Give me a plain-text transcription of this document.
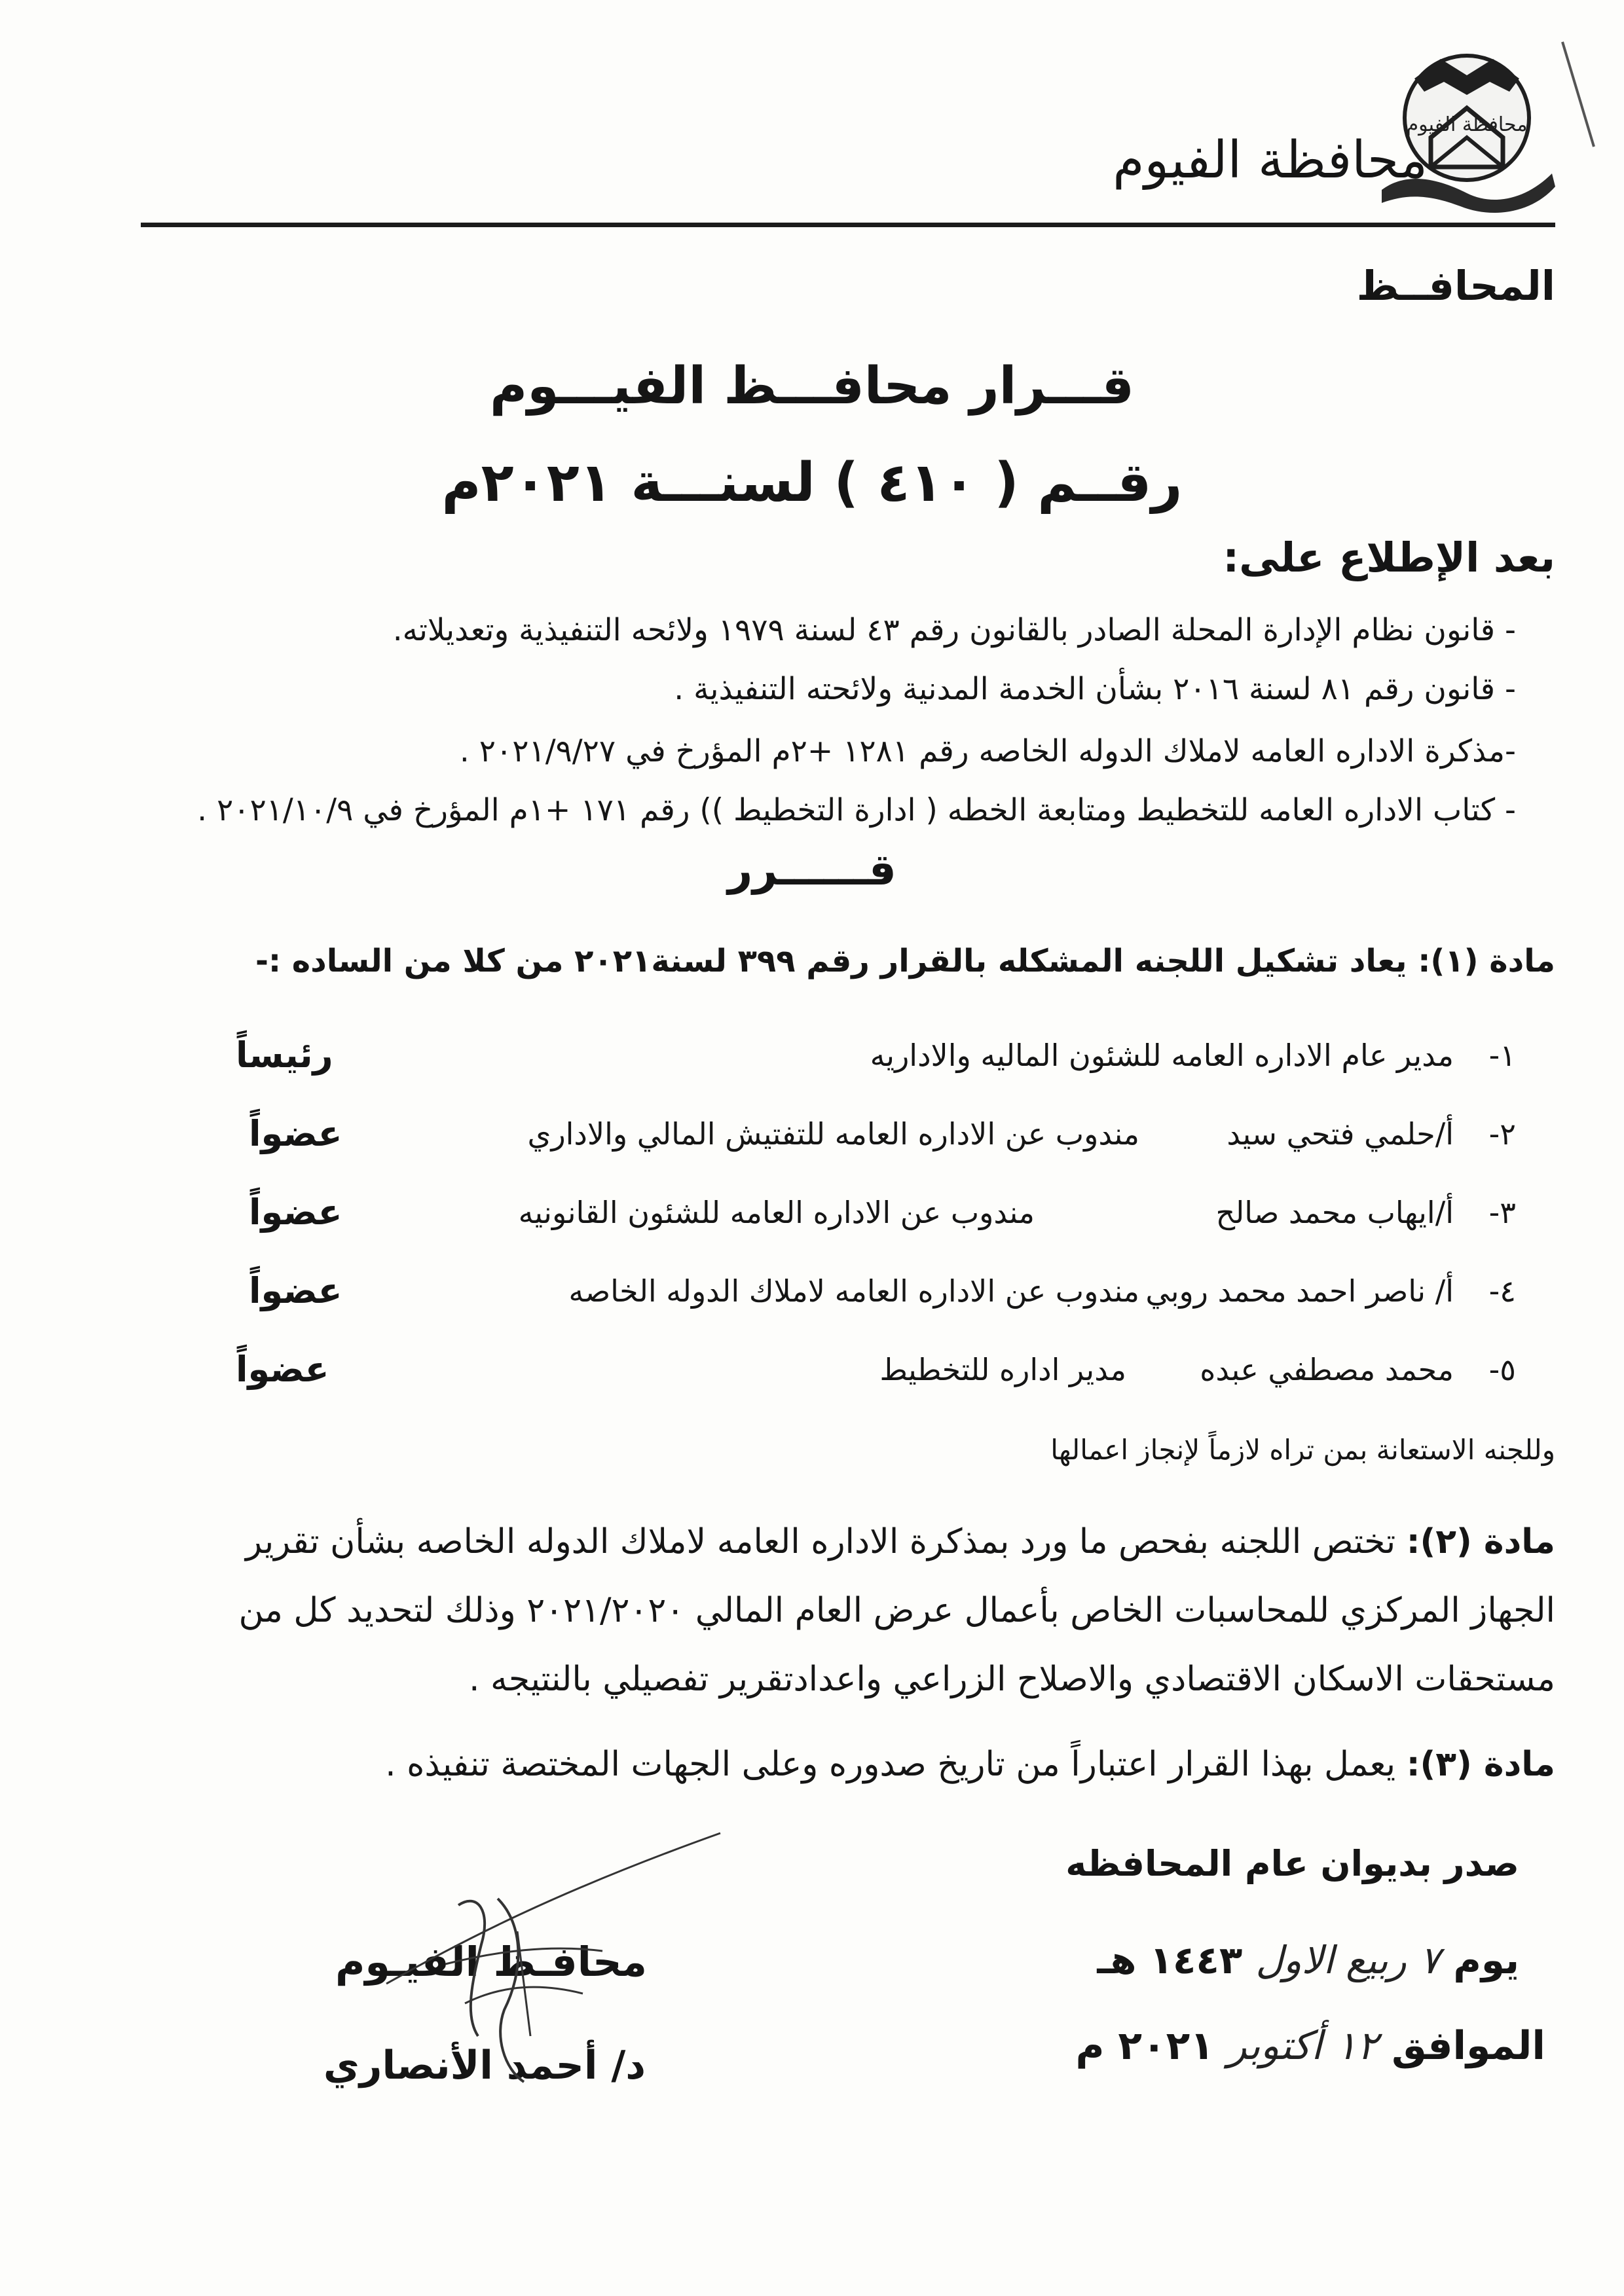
محافظة الفيوم
محافظة الفيوم
المحافــظ
قـــرار محافـــظ الفيـــوم
رقــم ( ٤١٠ ) لسنـــة ٢٠٢١م
بعد الإطلاع على:
- قانون نظام الإدارة المحلة الصادر بالقانون رقم ٤٣ لسنة ١٩٧٩ ولائحه التنفيذية وتعديلاته.
- قانون رقم ٨١ لسنة ٢٠١٦ بشأن الخدمة المدنية ولائحته التنفيذية .
-مذكرة الاداره العامه لاملاك الدوله الخاصه رقم ١٢٨١ +٢م المؤرخ في ٢٠٢١/٩/٢٧ .
- كتاب الاداره العامه للتخطيط ومتابعة الخطه ( ادارة التخطيط )) رقم ١٧١ +١م المؤرخ في ٢٠٢١/١٠/٩ .
قــــــرر
مادة (١): يعاد تشكيل اللجنه المشكله بالقرار رقم ٣٩٩ لسنة٢٠٢١ من كلا من الساده :-
١-
مدير عام الاداره العامه للشئون الماليه والاداريه
رئيساً
٢-
أ/حلمي فتحي سيد
مندوب عن الاداره العامه للتفتيش المالي والاداري
عضواً
٣-
أ/ايهاب محمد صالح
مندوب عن الاداره العامه للشئون القانونيه
عضواً
٤-
أ/ ناصر احمد محمد روبي
مندوب عن الاداره العامه لاملاك الدوله الخاصه
عضواً
٥-
محمد مصطفي عبده
مدير اداره للتخطيط
عضواً
وللجنه الاستعانة بمن تراه لازماً لإنجاز اعمالها
مادة (٢): تختص اللجنه بفحص ما ورد بمذكرة الاداره العامه لاملاك الدوله الخاصه بشأن تقرير
الجهاز المركزي للمحاسبات الخاص بأعمال عرض العام المالي ٢٠٢١/٢٠٢٠ وذلك لتحديد كل من
مستحقات الاسكان الاقتصادي والاصلاح الزراعي واعدادتقرير تفصيلي بالنتيجه .
مادة (٣): يعمل بهذا القرار اعتباراً من تاريخ صدوره وعلى الجهات المختصة تنفيذه .
صدر بديوان عام المحافظه
يوم ٧ ربيع الاول ١٤٤٣ هـ
الموافق ١٢ أكتوبر ٢٠٢١ م
محافـظ الفيـوم
د/ أحمد الأنصاري
